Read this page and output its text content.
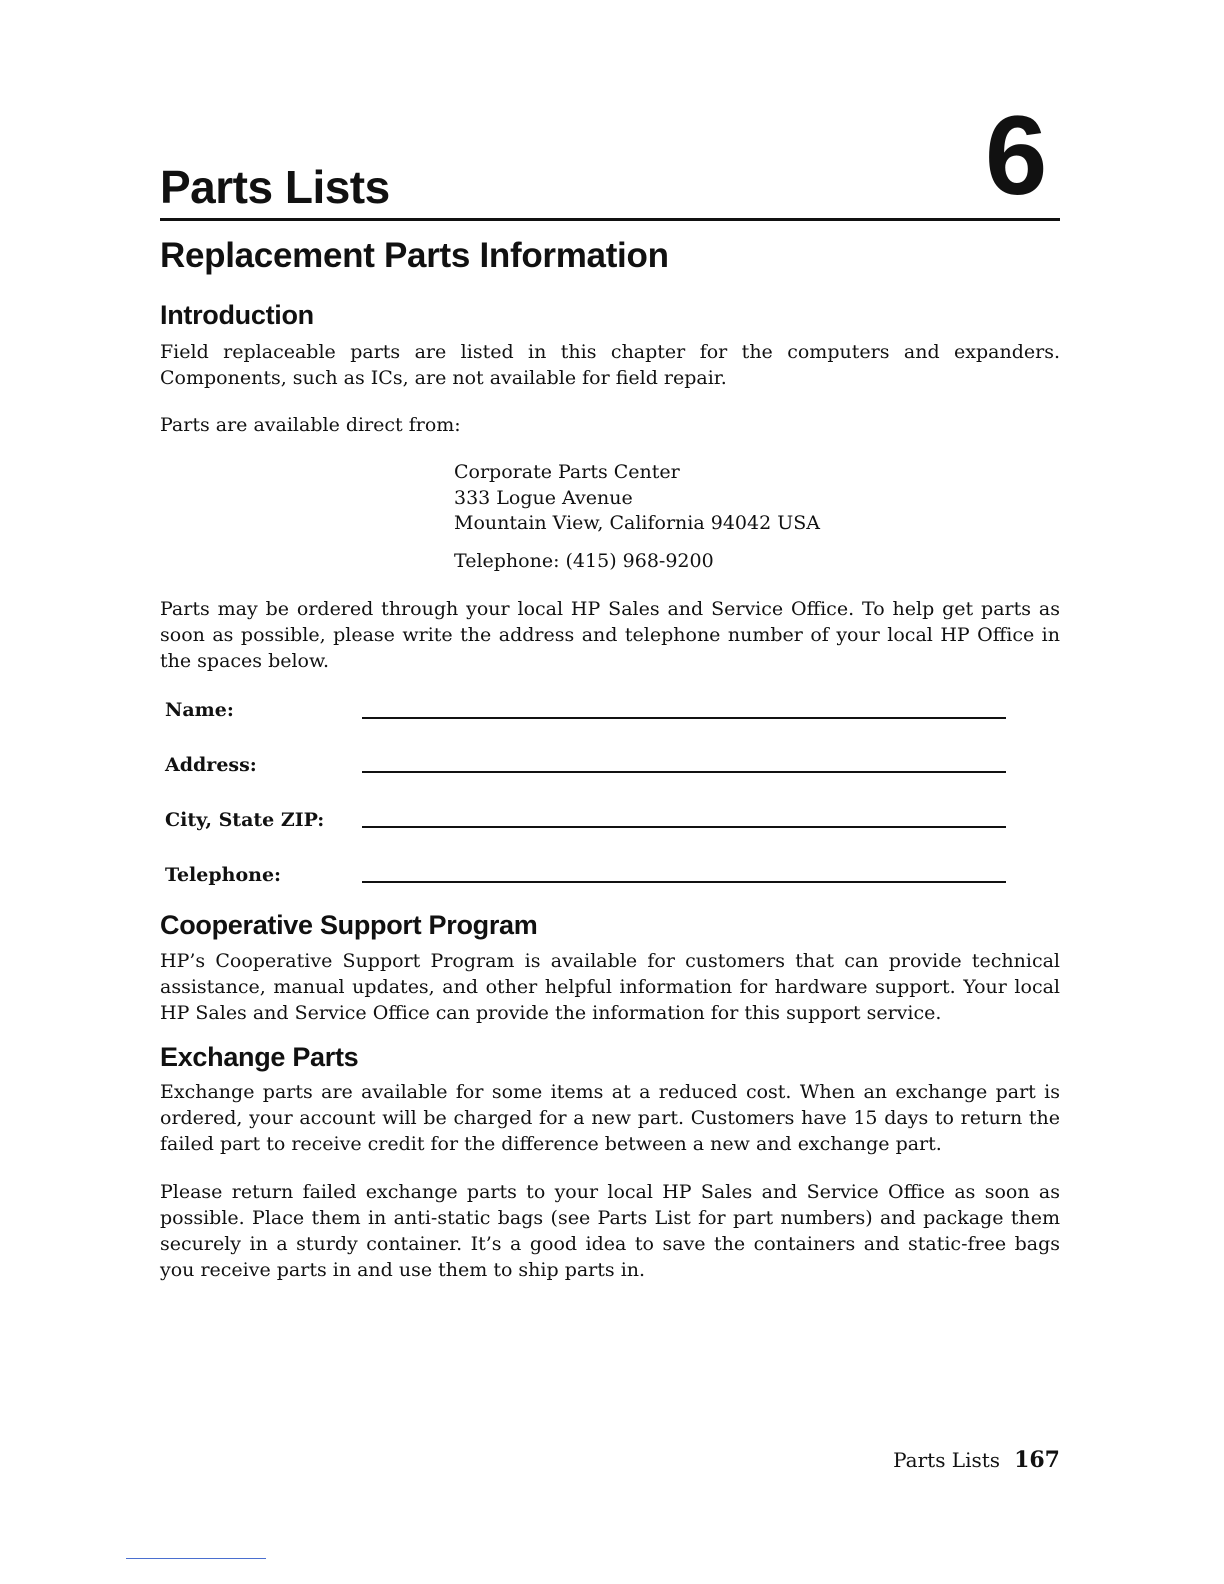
Parts Lists	6
Replacement Parts Information
Introduction

Field replaceable parts are listed in this chapter for the computers and expanders. Components, such as ICs, are not available for field repair.

Parts are available direct from:

Corporate Parts Center

333 Logue Avenue

Mountain View, California 94042 USA

Telephone: (415) 968-9200

Parts may be ordered through your local HP Sales and Service Office. To help get parts as soon as possible, please write the address and telephone number of your local HP Office in the spaces below.

Name:

Address:

City, State ZIP:

Telephone:

Cooperative Support Program

HP’s Cooperative Support Program is available for customers that can provide technical assistance, manual updates, and other helpful information for hardware support. Your local HP Sales and Service Office can provide the information for this support service.

Exchange Parts

Exchange parts are available for some items at a reduced cost. When an exchange part is ordered, your account will be charged for a new part. Customers have 15 days to return the failed part to receive credit for the difference between a new and exchange part.

Please return failed exchange parts to your local HP Sales and Service Office as soon as possible. Place them in anti-static bags (see Parts List for part numbers) and package them securely in a sturdy container. It’s a good idea to save the containers and static-free bags you receive parts in and use them to ship parts in.

Parts Lists 167
